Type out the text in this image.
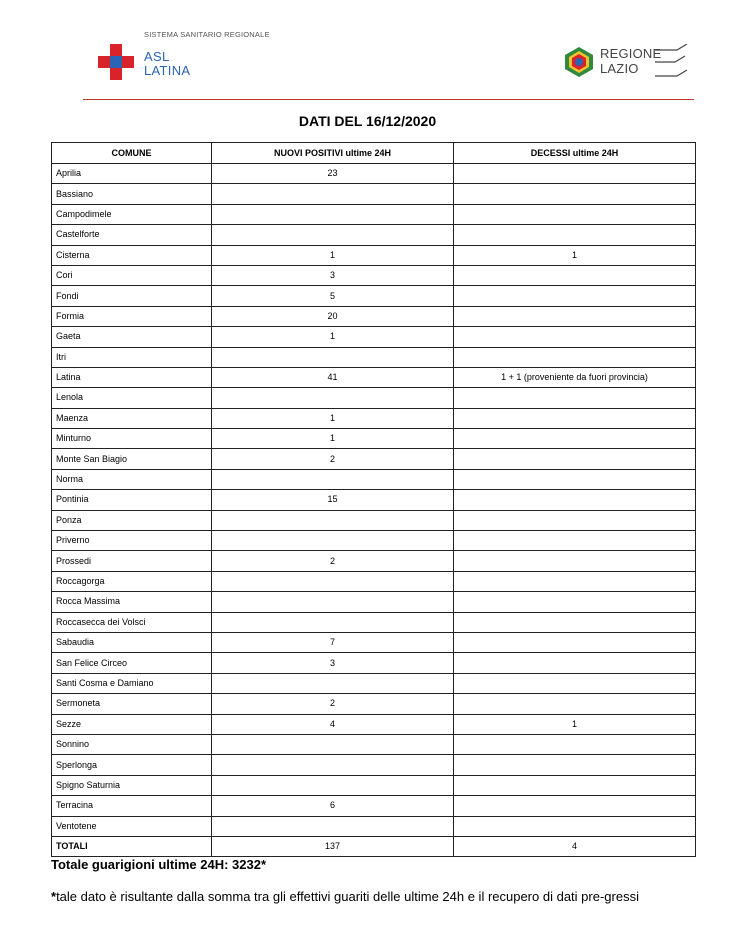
SISTEMA SANITARIO REGIONALE
ASL
LATINA
REGIONE
LAZIO
DATI DEL 16/12/2020
COMUNE	NUOVI POSITIVI ultime 24H	DECESSI ultime 24H
Aprilia	23	
Bassiano		
Campodimele		
Castelforte		
Cisterna	1	1
Cori	3	
Fondi	5	
Formia	20	
Gaeta	1	
Itri		
Latina	41	1 + 1 (proveniente da fuori provincia)
Lenola		
Maenza	1	
Minturno	1	
Monte San Biagio	2	
Norma		
Pontinia	15	
Ponza		
Priverno		
Prossedi	2	
Roccagorga		
Rocca Massima		
Roccasecca dei Volsci		
Sabaudia	7	
San Felice Circeo	3	
Santi Cosma e Damiano		
Sermoneta	2	
Sezze	4	1
Sonnino		
Sperlonga		
Spigno Saturnia		
Terracina	6	
Ventotene		
TOTALI	137	4
Totale guarigioni ultime 24H: 3232*
*tale dato è risultante dalla somma tra gli effettivi guariti delle ultime 24h e il recupero di dati pre-gressi
